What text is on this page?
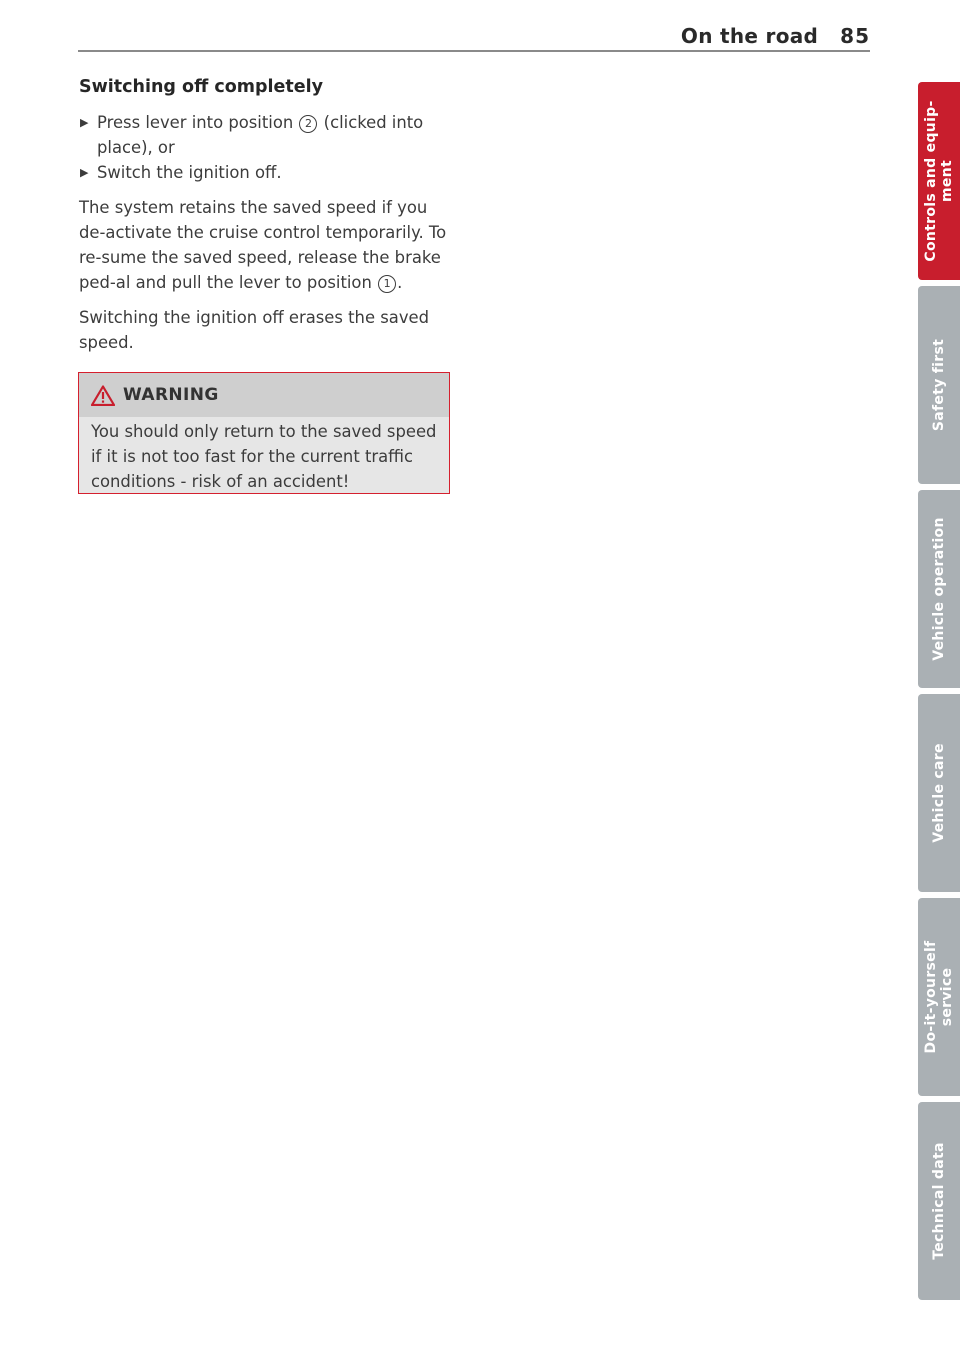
On the road 85
Switching off completely
▶ Press lever into position 2 (clicked into place), or
▶ Switch the ignition off.

The system retains the saved speed if you de-activate the cruise control temporarily. To re-sume the saved speed, release the brake ped-al and pull the lever to position 1 .

Switching the ignition off erases the saved speed.

WARNING
You should only return to the saved speed if it is not too fast for the current traffic conditions - risk of an accident!
Controls and equip-
ment
Safety first
Vehicle operation
Vehicle care
Do-it-yourself
service
Technical data
